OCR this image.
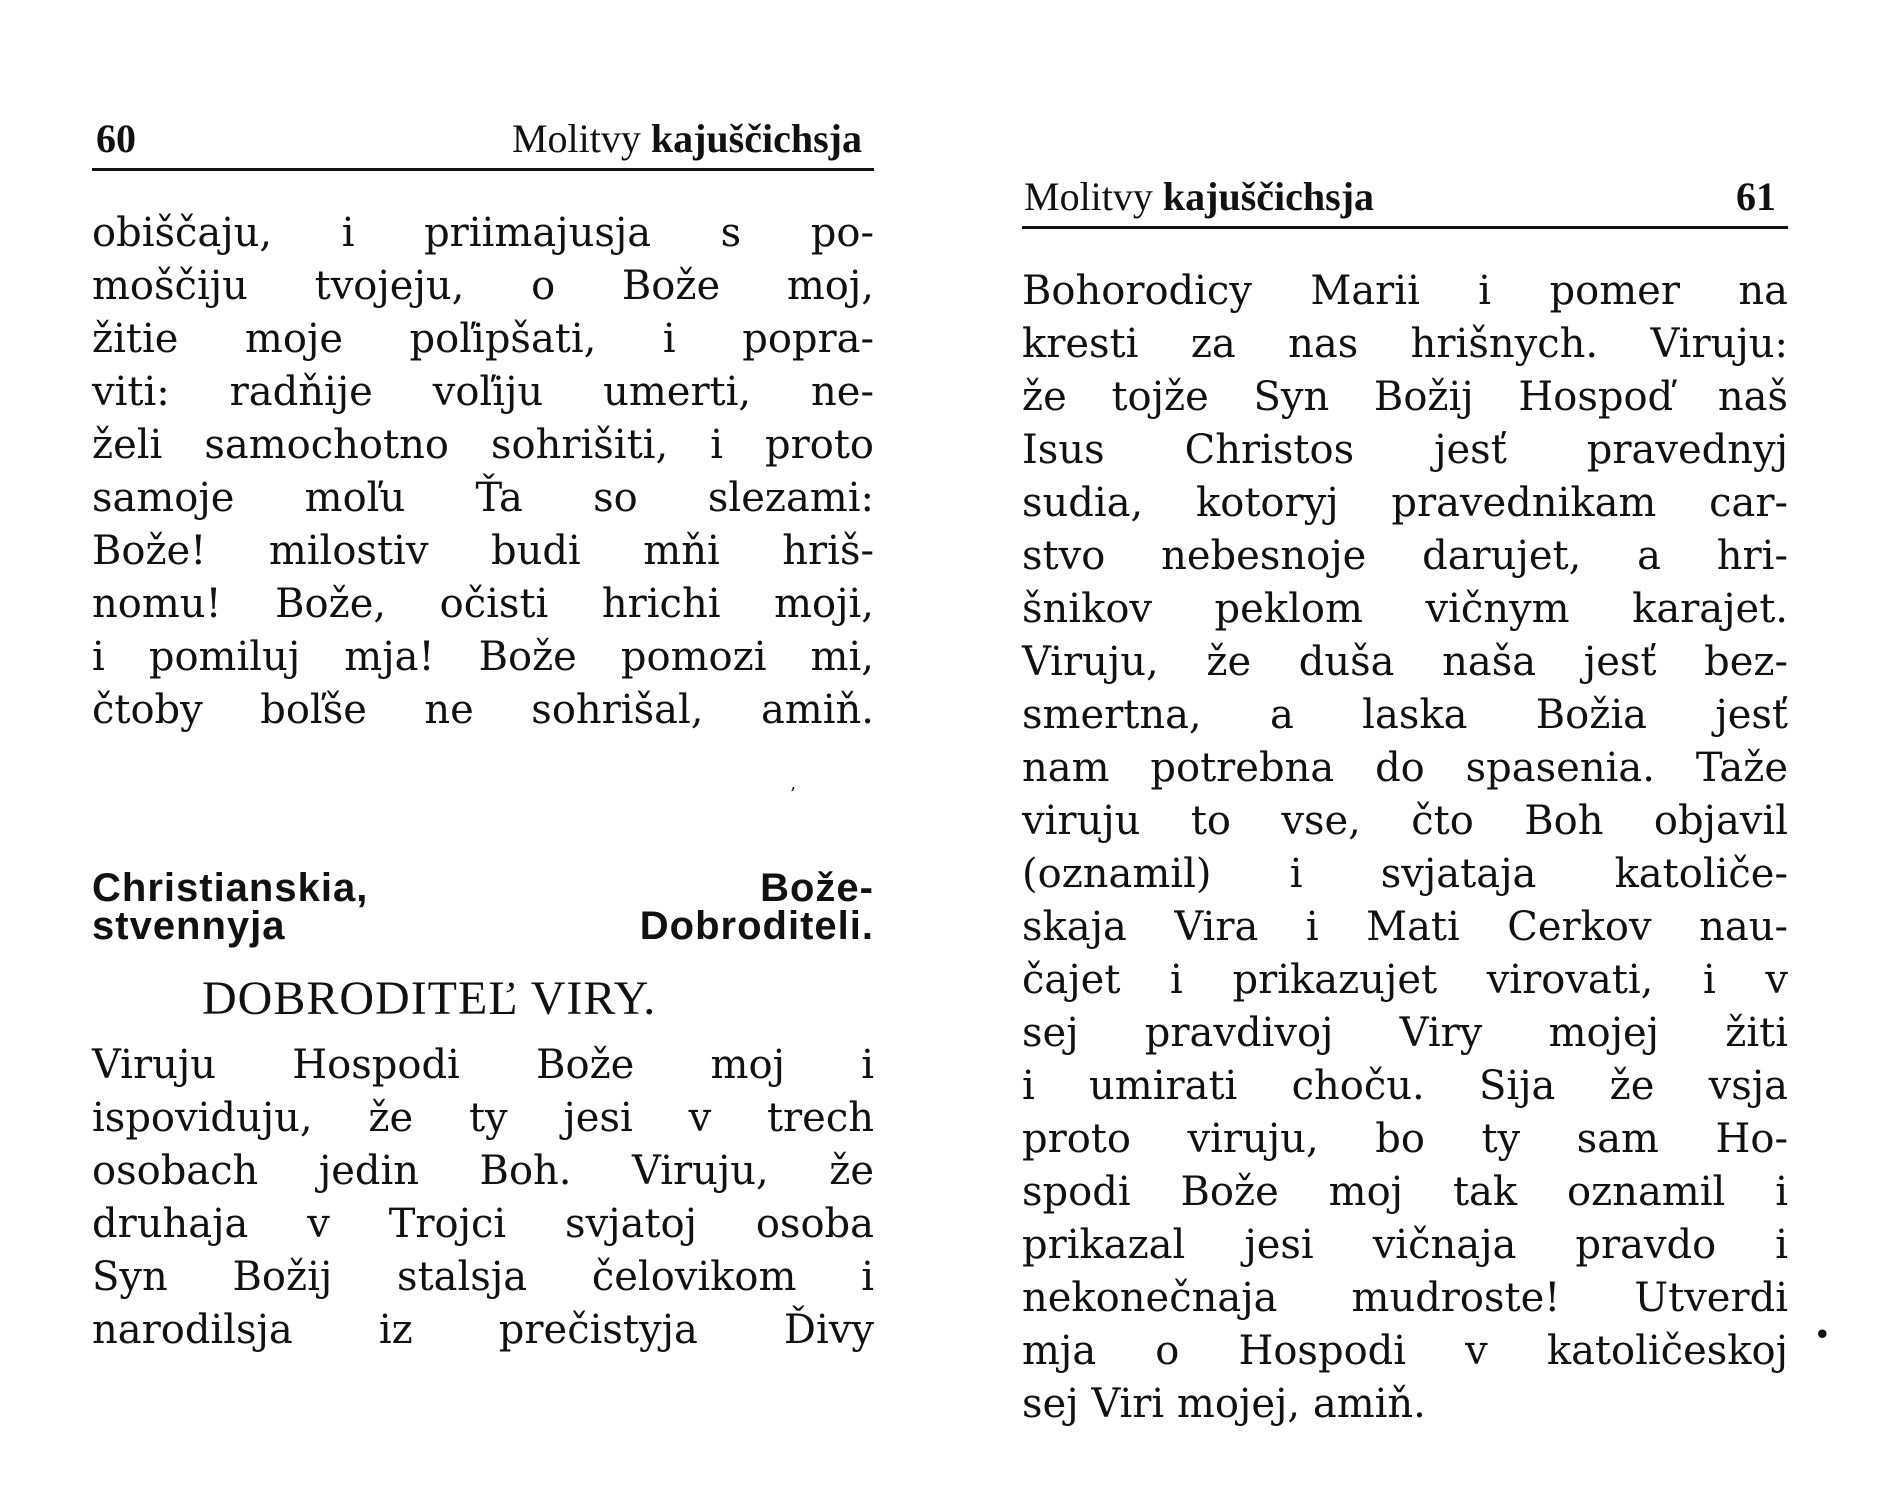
60	Molitvy kajuščichsja
obiščaju, i priimajusja s po-
moščiju tvojeju, o Bože moj,
žitie moje poľipšati, i popra-
viti: radňije voľiju umerti, ne-
želi samochotno sohrišiti, i proto
samoje moľu Ťa so slezami:
Bože! milostiv budi mňi hriš-
nomu! Bože, očisti hrichi moji,
i pomiluj mja! Bože pomozi mi,
čtoby boľše ne sohrišal, amiň.
Christianskia, Bože-
stvennyja Dobroditeli.
DOBRODITEĽ VIRY.
Viruju Hospodi Bože moj i
ispoviduju, že ty jesi v trech
osobach jedin Boh. Viruju, že
druhaja v Trojci svjatoj osoba
Syn Božij stalsja čelovikom i
narodilsja iz prečistyja Ďivy
Molitvy kajuščichsja	61
Bohorodicy Marii i pomer na
kresti za nas hrišnych. Viruju:
že tojže Syn Božij Hospoď naš
Isus Christos jesť pravednyj
sudia, kotoryj pravednikam car-
stvo nebesnoje darujet, a hri-
šnikov peklom vičnym karajet.
Viruju, že duša naša jesť bez-
smertna, a laska Božia jesť
nam potrebna do spasenia. Taže
viruju to vse, čto Boh objavil
(oznamil) i svjataja katoliče-
skaja Vira i Mati Cerkov nau-
čajet i prikazujet virovati, i v
sej pravdivoj Viry mojej žiti
i umirati choču. Sija že vsja
proto viruju, bo ty sam Ho-
spodi Bože moj tak oznamil i
prikazal jesi vičnaja pravdo i
nekonečnaja mudroste! Utverdi
mja o Hospodi v katoličeskoj
sej Viri mojej, amiň.
•
’
